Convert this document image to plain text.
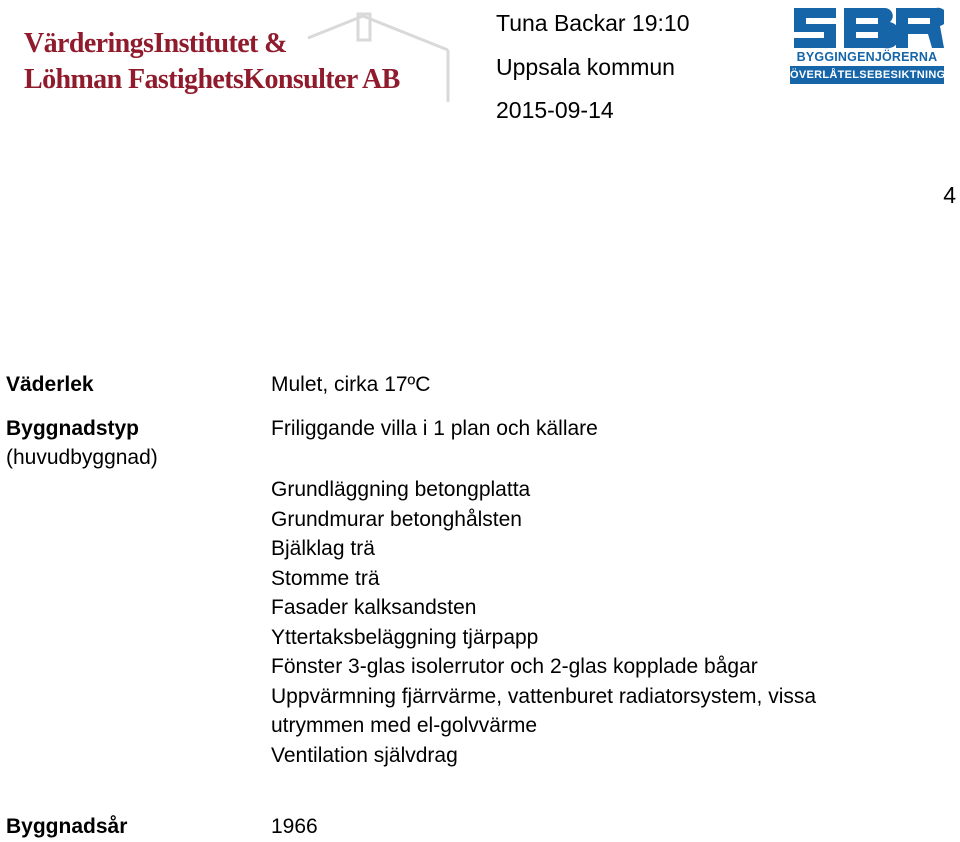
VärderingsInstitutet &
Löhman FastighetsKonsulter AB
Tuna Backar 19:10
Uppsala kommun
2015-09-14
BYGGINGENJÖRERNA
ÖVERLÅTELSEBESIKTNING
4
Väderlek	Mulet, cirka 17ºC
Byggnadstyp
(huvudbyggnad)
Friliggande villa i 1 plan och källare
Grundläggning betongplatta
Grundmurar betonghålsten
Bjälklag trä
Stomme trä
Fasader kalksandsten
Yttertaksbeläggning tjärpapp
Fönster 3-glas isolerrutor och 2-glas kopplade bågar
Uppvärmning fjärrvärme, vattenburet radiatorsystem, vissa
utrymmen med el-golvvärme
Ventilation självdrag
Byggnadsår	1966
